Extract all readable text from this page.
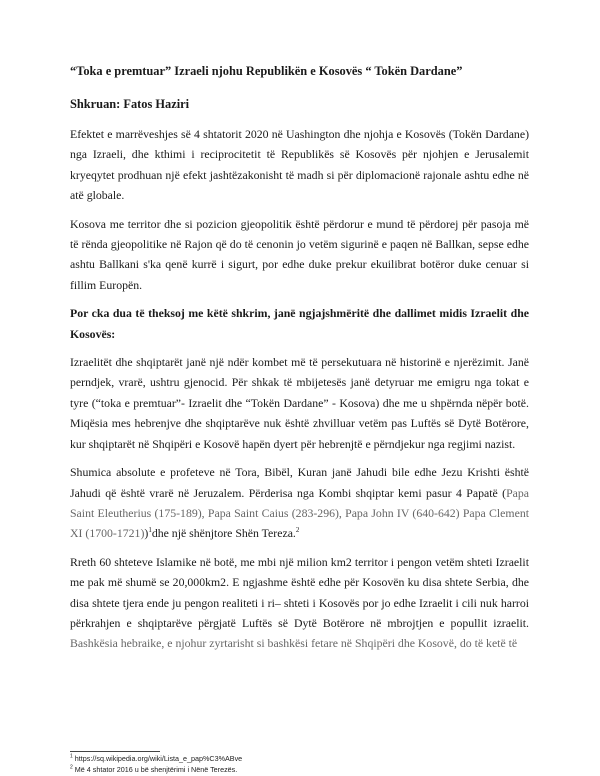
“Toka e premtuar” Izraeli njohu Republikën e Kosovës “ Tokën Dardane”
Shkruan: Fatos Haziri

Efektet e marrëveshjes së 4 shtatorit 2020 në Uashington dhe njohja e Kosovës (Tokën Dardane) nga Izraeli, dhe kthimi i reciprocitetit të Republikës së Kosovës për njohjen e Jerusalemit kryeqytet prodhuan një efekt jashtëzakonisht të madh si për diplomacionë rajonale ashtu edhe në atë globale.

Kosova me territor dhe si pozicion gjeopolitik është përdorur e mund të përdorej për pasoja më të rënda gjeopolitike në Rajon që do të cenonin jo vetëm sigurinë e paqen në Ballkan, sepse edhe ashtu Ballkani s'ka qenë kurrë i sigurt, por edhe duke prekur ekuilibrat botëror duke cenuar si fillim Europën.

Por cka dua të theksoj me këtë shkrim, janë ngjajshmëritë dhe dallimet midis Izraelit dhe Kosovës:

Izraelitët dhe shqiptarët janë një ndër kombet më të persekutuara në historinë e njerëzimit. Janë perndjek, vrarë, ushtru gjenocid. Për shkak të mbijetesës janë detyruar me emigru nga tokat e tyre (“toka e premtuar”- Izraelit dhe “Tokën Dardane” - Kosova) dhe me u shpërnda nëpër botë. Miqësia mes hebrenjve dhe shqiptarëve nuk është zhvilluar vetëm pas Luftës së Dytë Botërore, kur shqiptarët në Shqipëri e Kosovë hapën dyert për hebrenjtë e përndjekur nga regjimi nazist.

Shumica absolute e profeteve në Tora, Bibël, Kuran janë Jahudi bile edhe Jezu Krishti është Jahudi që është vrarë në Jeruzalem. Përderisa nga Kombi shqiptar kemi pasur 4 Papatë (Papa Saint Eleutherius (175-189), Papa Saint Caius (283-296), Papa John IV (640-642) Papa Clement XI (1700-1721))$^1$dhe një shënjtore Shën Tereza.$^2$

Rreth 60 shteteve Islamike në botë, me mbi një milion km2 territor i pengon vetëm shteti Izraelit me pak më shumë se 20,000km2. E ngjashme është edhe për Kosovën ku disa shtete Serbia, dhe disa shtete tjera ende ju pengon realiteti i ri– shteti i Kosovës por jo edhe Izraelit i cili nuk harroi përkrahjen e shqiptarëve përgjatë Luftës së Dytë Botërore në mbrojtjen e popullit izraelit. Bashkësia hebraike, e njohur zyrtarisht si bashkësi fetare në Shqipëri dhe Kosovë, do të ketë të

$^1$ https://sq.wikipedia.org/wiki/Lista_e_pap%C3%ABve
$^2$ Më 4 shtator 2016 u bë shenjtërimi i Nënë Terezës.
